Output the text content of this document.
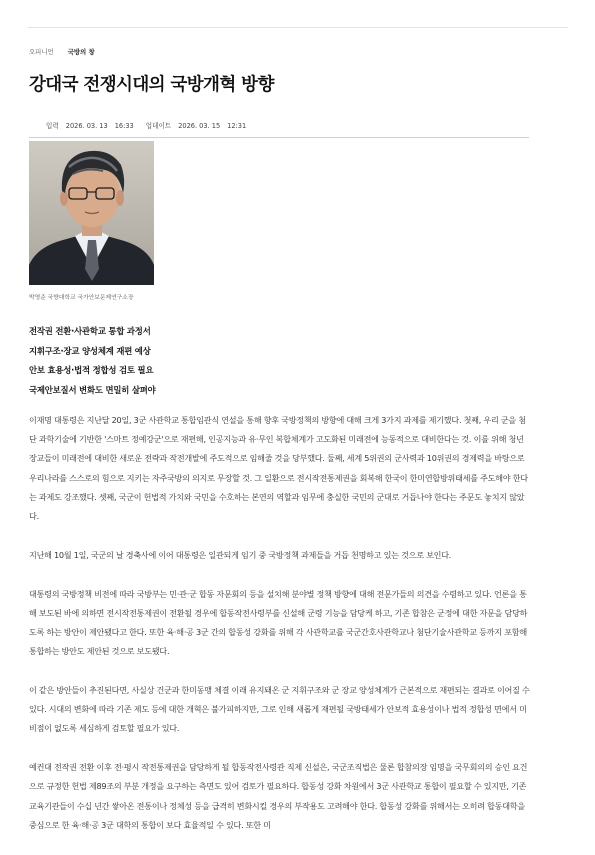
오피니언 국방의 창
강대국 전쟁시대의 국방개혁 방향
입력 2026. 03. 13 16:33 업데이트 2026. 03. 15 12:31
박영준 국방대학교 국가안보문제연구소장
전작권 전환·사관학교 통합 과정서
지휘구조·장교 양성체계 재편 예상
안보 효용성·법적 정합성 검토 필요
국제안보질서 변화도 면밀히 살펴야

이재명 대통령은 지난달 20일, 3군 사관학교 통합임관식 연설을 통해 향후 국방정책의 방향에 대해 크게 3가지 과제를 제기했다. 첫째, 우리 군을 첨단 과학기술에 기반한 '스마트 정예강군'으로 재편해, 인공지능과 유·무인 복합체계가 고도화된 미래전에 능동적으로 대비한다는 것. 이를 위해 청년 장교들이 미래전에 대비한 새로운 전략과 작전개발에 주도적으로 임해줄 것을 당부했다. 둘째, 세계 5위권의 군사력과 10위권의 경제력을 바탕으로 우리나라를 스스로의 힘으로 지키는 자주국방의 의지로 무장할 것. 그 일환으로 전시작전통제권을 회복해 한국이 한미연합방위태세를 주도해야 한다는 과제도 강조했다. 셋째, 국군이 헌법적 가치와 국민을 수호하는 본연의 역할과 임무에 충실한 국민의 군대로 거듭나야 한다는 주문도 놓치지 않았다.

지난해 10월 1일, 국군의 날 경축사에 이어 대통령은 일관되게 임기 중 국방정책 과제들을 거듭 천명하고 있는 것으로 보인다.

대통령의 국방정책 비전에 따라 국방부는 민·관·군 합동 자문회의 등을 설치해 분야별 정책 방향에 대해 전문가들의 의견을 수렴하고 있다. 언론을 통해 보도된 바에 의하면 전시작전통제권이 전환될 경우에 합동작전사령부를 신설해 군령 기능을 담당케 하고, 기존 합참은 군정에 대한 자문을 담당하도록 하는 방안이 제안됐다고 한다. 또한 육·해·공 3군 간의 합동성 강화를 위해 각 사관학교를 국군간호사관학교나 첨단기술사관학교 등까지 포함해 통합하는 방안도 제안된 것으로 보도됐다.

이 같은 방안들이 추진된다면, 사실상 건군과 한미동맹 체결 이래 유지돼온 군 지휘구조와 군 장교 양성체계가 근본적으로 재편되는 결과로 이어질 수 있다. 시대의 변화에 따라 기존 제도 등에 대한 개혁은 불가피하지만, 그로 인해 새롭게 재편될 국방태세가 안보적 효용성이나 법적 정합성 면에서 미비점이 없도록 세심하게 검토할 필요가 있다.

예컨대 전작권 전환 이후 전·평시 작전통제권을 담당하게 될 합동작전사령관 직제 신설은, 국군조직법은 물론 합참의장 임명을 국무회의의 승인 요건으로 규정한 헌법 제89조의 부분 개정을 요구하는 측면도 있어 검토가 필요하다. 합동성 강화 차원에서 3군 사관학교 통합이 필요할 수 있지만, 기존 교육기관들이 수십 년간 쌓아온 전통이나 정체성 등을 급격히 변화시킬 경우의 부작용도 고려해야 한다. 합동성 강화를 위해서는 오히려 합동대학을 중심으로 한 육·해·공 3군 대학의 통합이 보다 효율적일 수 있다. 또한 미
